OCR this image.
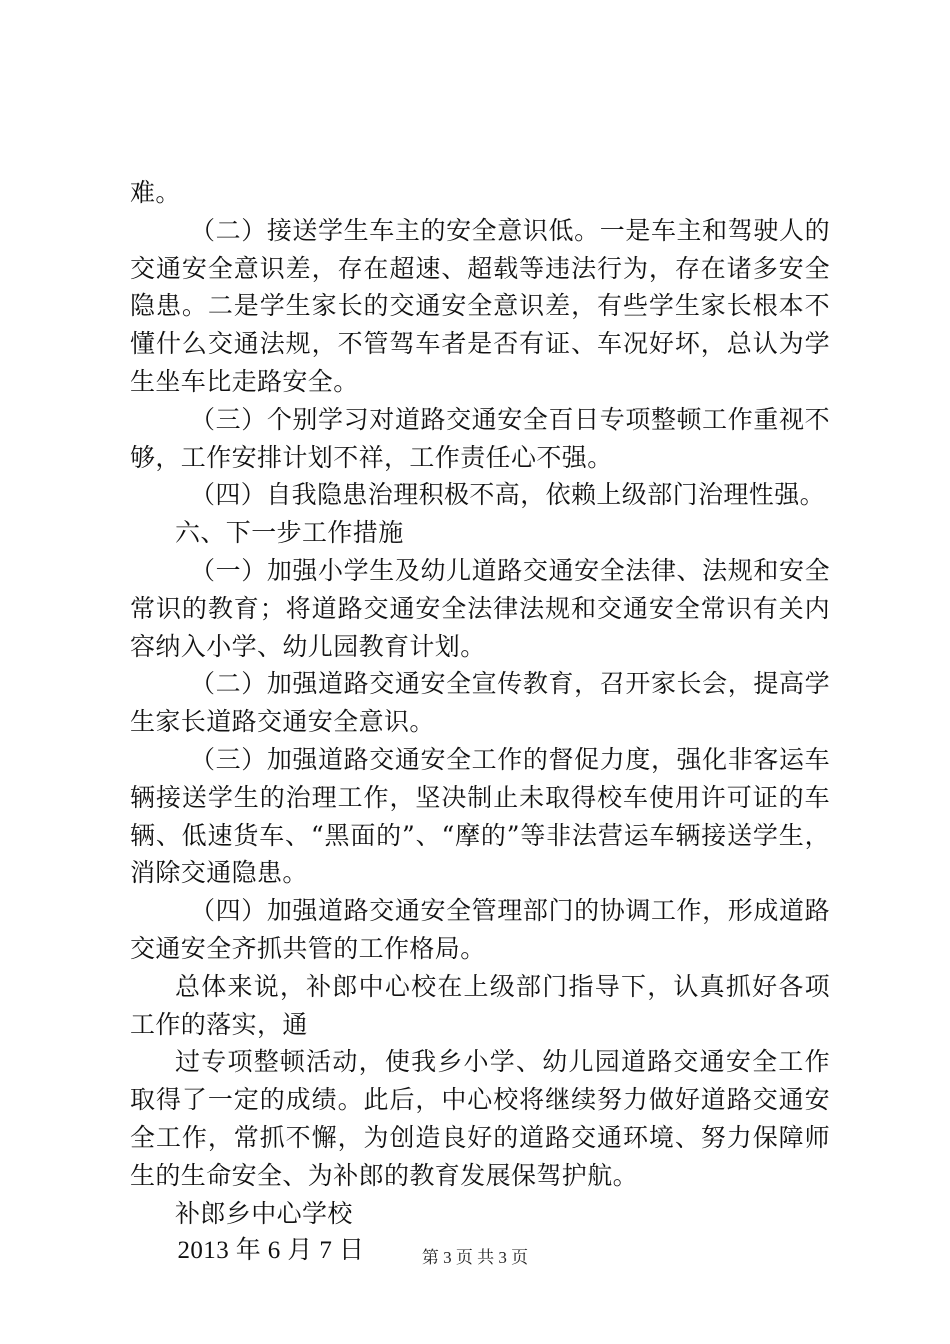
难。

（二）接送学生车主的安全意识低。一是车主和驾驶人的交通安全意识差，存在超速、超载等违法行为，存在诸多安全隐患。二是学生家长的交通安全意识差，有些学生家长根本不懂什么交通法规，不管驾车者是否有证、车况好坏，总认为学生坐车比走路安全。

（三）个别学习对道路交通安全百日专项整顿工作重视不够，工作安排计划不祥，工作责任心不强。

（四）自我隐患治理积极不高，依赖上级部门治理性强。

六、下一步工作措施

（一）加强小学生及幼儿道路交通安全法律、法规和安全常识的教育；将道路交通安全法律法规和交通安全常识有关内容纳入小学、幼儿园教育计划。

（二）加强道路交通安全宣传教育，召开家长会，提高学生家长道路交通安全意识。

（三）加强道路交通安全工作的督促力度，强化非客运车辆接送学生的治理工作，坚决制止未取得校车使用许可证的车辆、低速货车、“黑面的”、“摩的”等非法营运车辆接送学生，消除交通隐患。

（四）加强道路交通安全管理部门的协调工作，形成道路交通安全齐抓共管的工作格局。

总体来说，补郎中心校在上级部门指导下，认真抓好各项工作的落实，通

过专项整顿活动，使我乡小学、幼儿园道路交通安全工作取得了一定的成绩。此后，中心校将继续努力做好道路交通安全工作，常抓不懈，为创造良好的道路交通环境、努力保障师生的生命安全、为补郎的教育发展保驾护航。

补郎乡中心学校

2013 年 6 月 7 日	第 3 页 共 3 页
